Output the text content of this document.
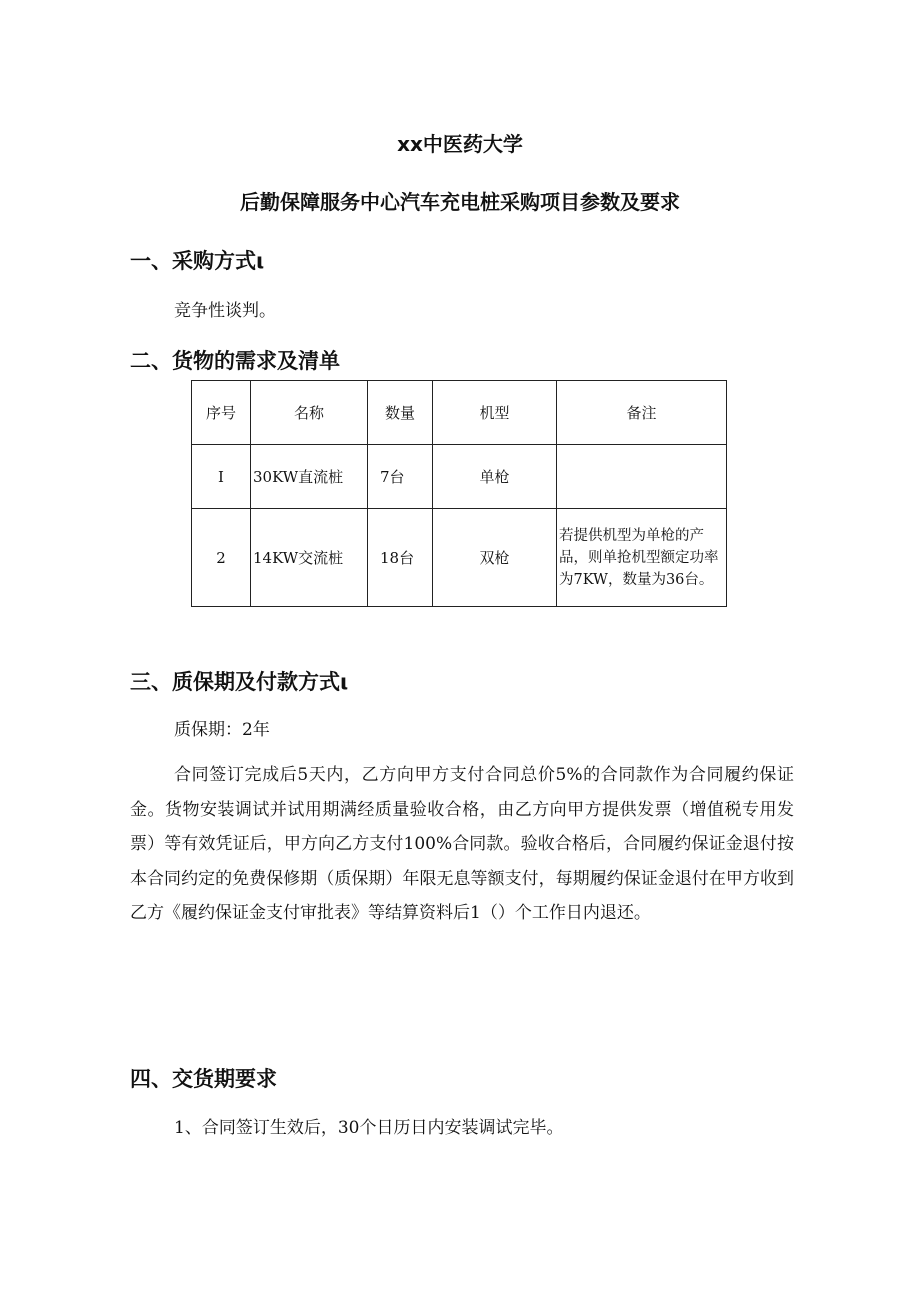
xx中医药大学
后勤保障服务中心汽车充电桩采购项目参数及要求
一、采购方式ι
竞争性谈判。
二、货物的需求及清单
序号	名称	数量	机型	备注
I	30KW直流桩	7台	单枪	
2	14KW交流桩	18台	双枪	若提供机型为单枪的产品，则单抢机型额定功率为7KW，数量为36台。
三、质保期及付款方式ι
质保期：2年

合同签订完成后5天内，乙方向甲方支付合同总价5%的合同款作为合同履约保证金。货物安装调试并试用期满经质量验收合格，由乙方向甲方提供发票（增值税专用发票）等有效凭证后，甲方向乙方支付100%合同款。验收合格后，合同履约保证金退付按本合同约定的免费保修期（质保期）年限无息等额支付，每期履约保证金退付在甲方收到乙方《履约保证金支付审批表》等结算资料后1（）个工作日内退还。

四、交货期要求
1、合同签订生效后，30个日历日内安装调试完毕。
